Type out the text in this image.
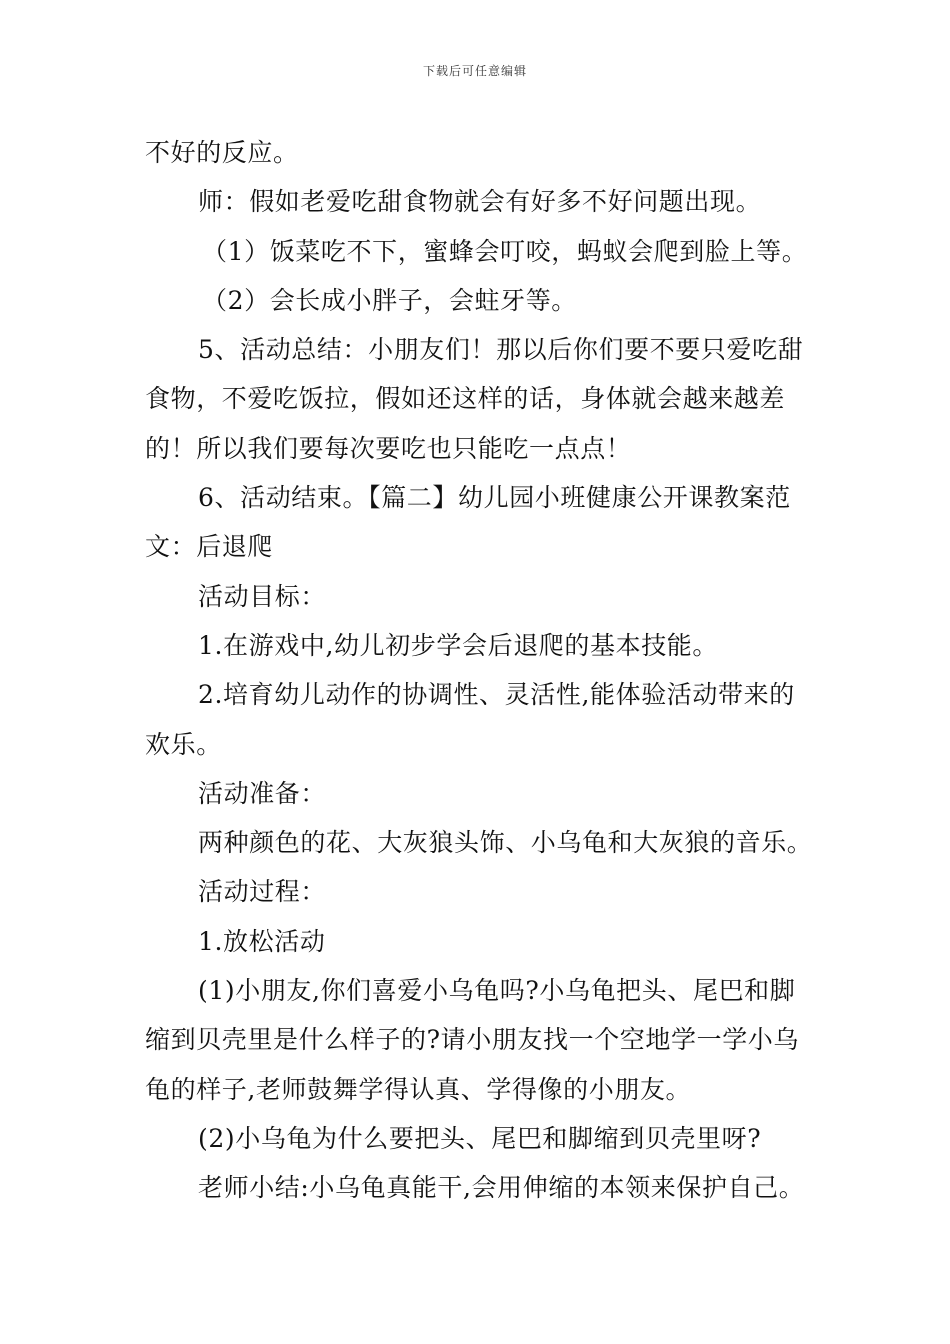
下载后可任意编辑
不好的反应。
师：假如老爱吃甜食物就会有好多不好问题出现。
（1）饭菜吃不下，蜜蜂会叮咬，蚂蚁会爬到脸上等。
（2）会长成小胖子，会蛀牙等。
5、活动总结：小朋友们！那以后你们要不要只爱吃甜
食物，不爱吃饭拉，假如还这样的话，身体就会越来越差
的！所以我们要每次要吃也只能吃一点点！
6、活动结束。【篇二】幼儿园小班健康公开课教案范
文：后退爬
活动目标：
1.在游戏中,幼儿初步学会后退爬的基本技能。
2.培育幼儿动作的协调性、灵活性,能体验活动带来的
欢乐。
活动准备：
两种颜色的花、大灰狼头饰、小乌龟和大灰狼的音乐。
活动过程：
1.放松活动
(1)小朋友,你们喜爱小乌龟吗?小乌龟把头、尾巴和脚
缩到贝壳里是什么样子的?请小朋友找一个空地学一学小乌
龟的样子,老师鼓舞学得认真、学得像的小朋友。
(2)小乌龟为什么要把头、尾巴和脚缩到贝壳里呀?
老师小结:小乌龟真能干,会用伸缩的本领来保护自己。
